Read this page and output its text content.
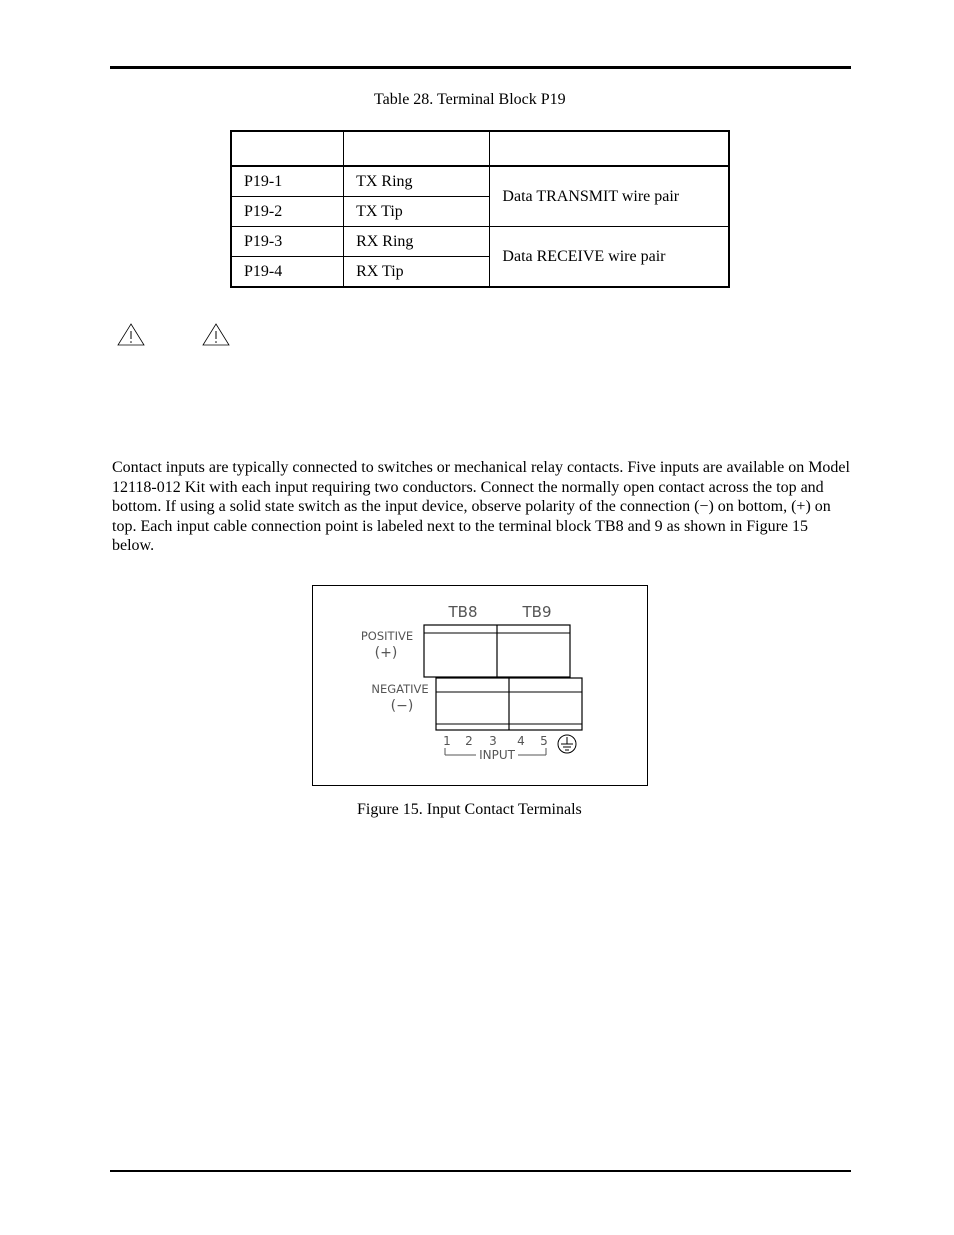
Table 28. Terminal Block P19

P19-1	TX Ring	Data TRANSMIT wire pair
P19-2	TX Tip	
P19-3	RX Ring	Data RECEIVE wire pair
P19-4	RX Tip	
Contact inputs are typically connected to switches or mechanical relay contacts. Five inputs are available on Model 12118-012 Kit with each input requiring two conductors. Connect the normally open contact across the top and bottom. If using a solid state switch as the input device, observe polarity of the connection (−) on bottom, (+) on top. Each input cable connection point is labeled next to the terminal block TB8 and 9 as shown in Figure 15 below.
TB8	TB9
POSITIVE
(+)
NEGATIVE
(−)
1 2 3 4 5
INPUT
Figure 15. Input Contact Terminals
